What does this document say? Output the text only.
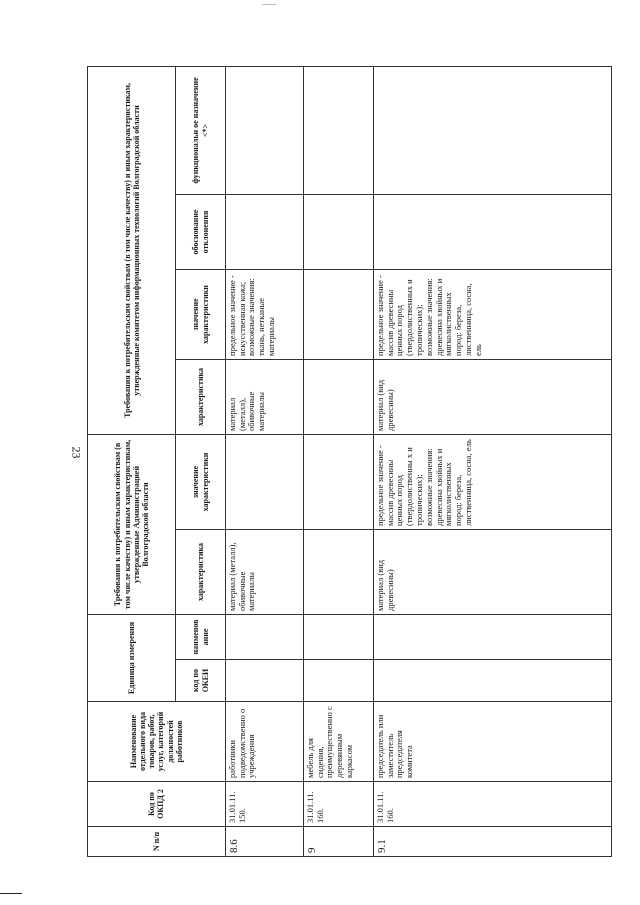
23
N п/п	Код по ОКПД 2	Наименование отдельного вида товаров, работ, услуг, категорий должностей работников	Единица измерения		Требования к потребительским свойствам (в том числе качеству) и иным характеристикам, утвержденные Администрацией Волгоградской области		Требования к потребительским свойствам (в том числе качеству) и иным характеристикам, утвержденные комитетом информационных технологий Волгоградской области			
			код по ОКЕИ	наименов ание	характеристика	значение характеристики	характеристика	значение характеристики	обоснование отклонения	функциональн ое назначение <*>
8.6	31.01.11. 150.	работники подведомственно о учреждения			материал (металл), обивочные материалы		материал (металл), обивочные материалы	предельное значение - искусственная кожа; возможные значения: ткань, нетканые материалы		
9	31.01.11. 160.	мебель для сидения, преимущественно с деревянным каркасом								
9.1	31.01.11. 160.	председатель или заместитель председателя комитета			материал (вид древесины)	предельное значение - массив древесины ценных пород (твердолиственны х и тропических); возможные значения: древесина хвойных и мягколиственных пород: береза, лиственница, сосна, ель	материал (вид древесины)	предельное значение - массив древесины ценных пород (твердолиственных и тропических); возможные значения: древесина хвойных и мягколиственных пород: береза, лиственница, сосна, ель		
